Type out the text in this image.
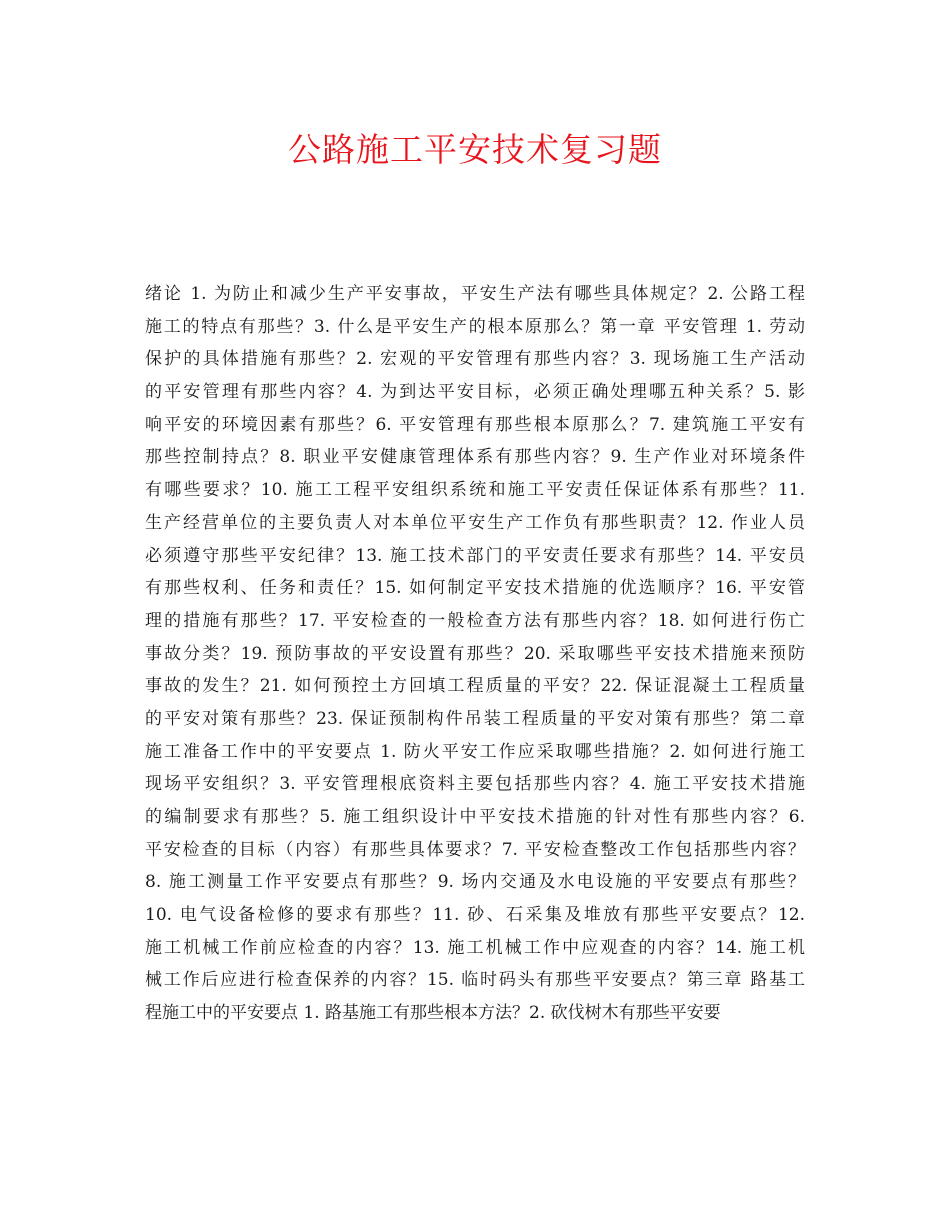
公路施工平安技术复习题
绪论 1. 为防止和减少生产平安事故，平安生产法有哪些具体规定？2. 公路工程
施工的特点有那些？3. 什么是平安生产的根本原那么？第一章 平安管理 1. 劳动
保护的具体措施有那些？2. 宏观的平安管理有那些内容？3. 现场施工生产活动
的平安管理有那些内容？4. 为到达平安目标，必须正确处理哪五种关系？5. 影
响平安的环境因素有那些？6. 平安管理有那些根本原那么？7. 建筑施工平安有
那些控制持点？8. 职业平安健康管理体系有那些内容？9. 生产作业对环境条件
有哪些要求？10. 施工工程平安组织系统和施工平安责任保证体系有那些？11.
生产经营单位的主要负责人对本单位平安生产工作负有那些职责？12. 作业人员
必须遵守那些平安纪律？13. 施工技术部门的平安责任要求有那些？14. 平安员
有那些权利、任务和责任？15. 如何制定平安技术措施的优选顺序？16. 平安管
理的措施有那些？17. 平安检查的一般检查方法有那些内容？18. 如何进行伤亡
事故分类？19. 预防事故的平安设置有那些？20. 采取哪些平安技术措施来预防
事故的发生？21. 如何预控土方回填工程质量的平安？22. 保证混凝土工程质量
的平安对策有那些？23. 保证预制构件吊装工程质量的平安对策有那些？第二章
施工准备工作中的平安要点 1. 防火平安工作应采取哪些措施？2. 如何进行施工
现场平安组织？3. 平安管理根底资料主要包括那些内容？4. 施工平安技术措施
的编制要求有那些？5. 施工组织设计中平安技术措施的针对性有那些内容？6.
平安检查的目标（内容）有那些具体要求？7. 平安检查整改工作包括那些内容？
8. 施工测量工作平安要点有那些？9. 场内交通及水电设施的平安要点有那些？
10. 电气设备检修的要求有那些？11. 砂、石采集及堆放有那些平安要点？12.
施工机械工作前应检查的内容？13. 施工机械工作中应观查的内容？14. 施工机
械工作后应进行检查保养的内容？15. 临时码头有那些平安要点？第三章 路基工
程施工中的平安要点 1. 路基施工有那些根本方法？2. 砍伐树木有那些平安要
